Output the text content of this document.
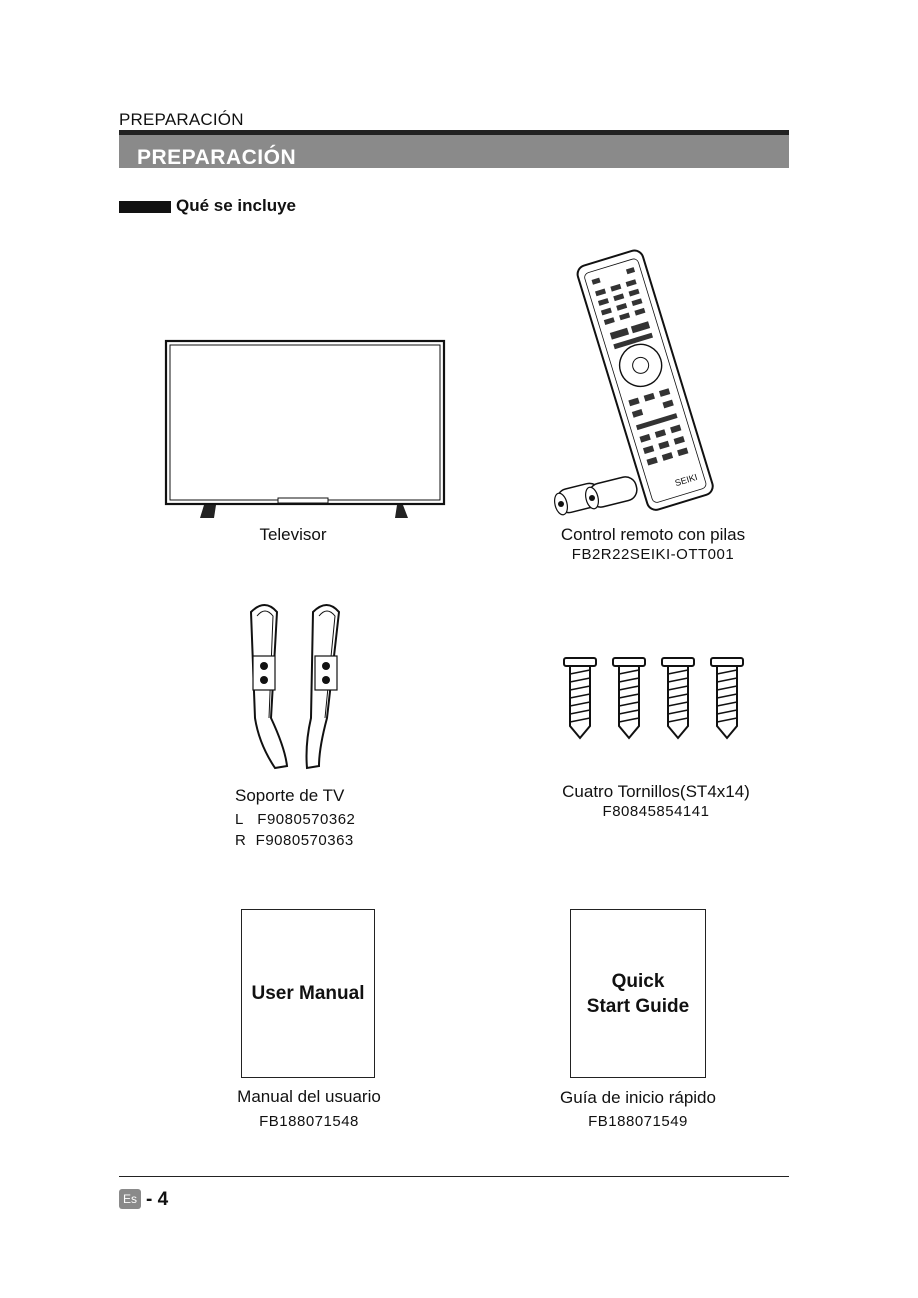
PREPARACIÓN
PREPARACIÓN
Qué se incluye
Televisor
SEIKI
Control remoto con pilas
FB2R22SEIKI-OTT001
Soporte de TV
L   F9080570362
R  F9080570363
Cuatro Tornillos(ST4x14)
F80845854141
User Manual
Manual del usuario
FB188071548
Quick
Start Guide
Guía de inicio rápido
FB188071549
Es - 4
